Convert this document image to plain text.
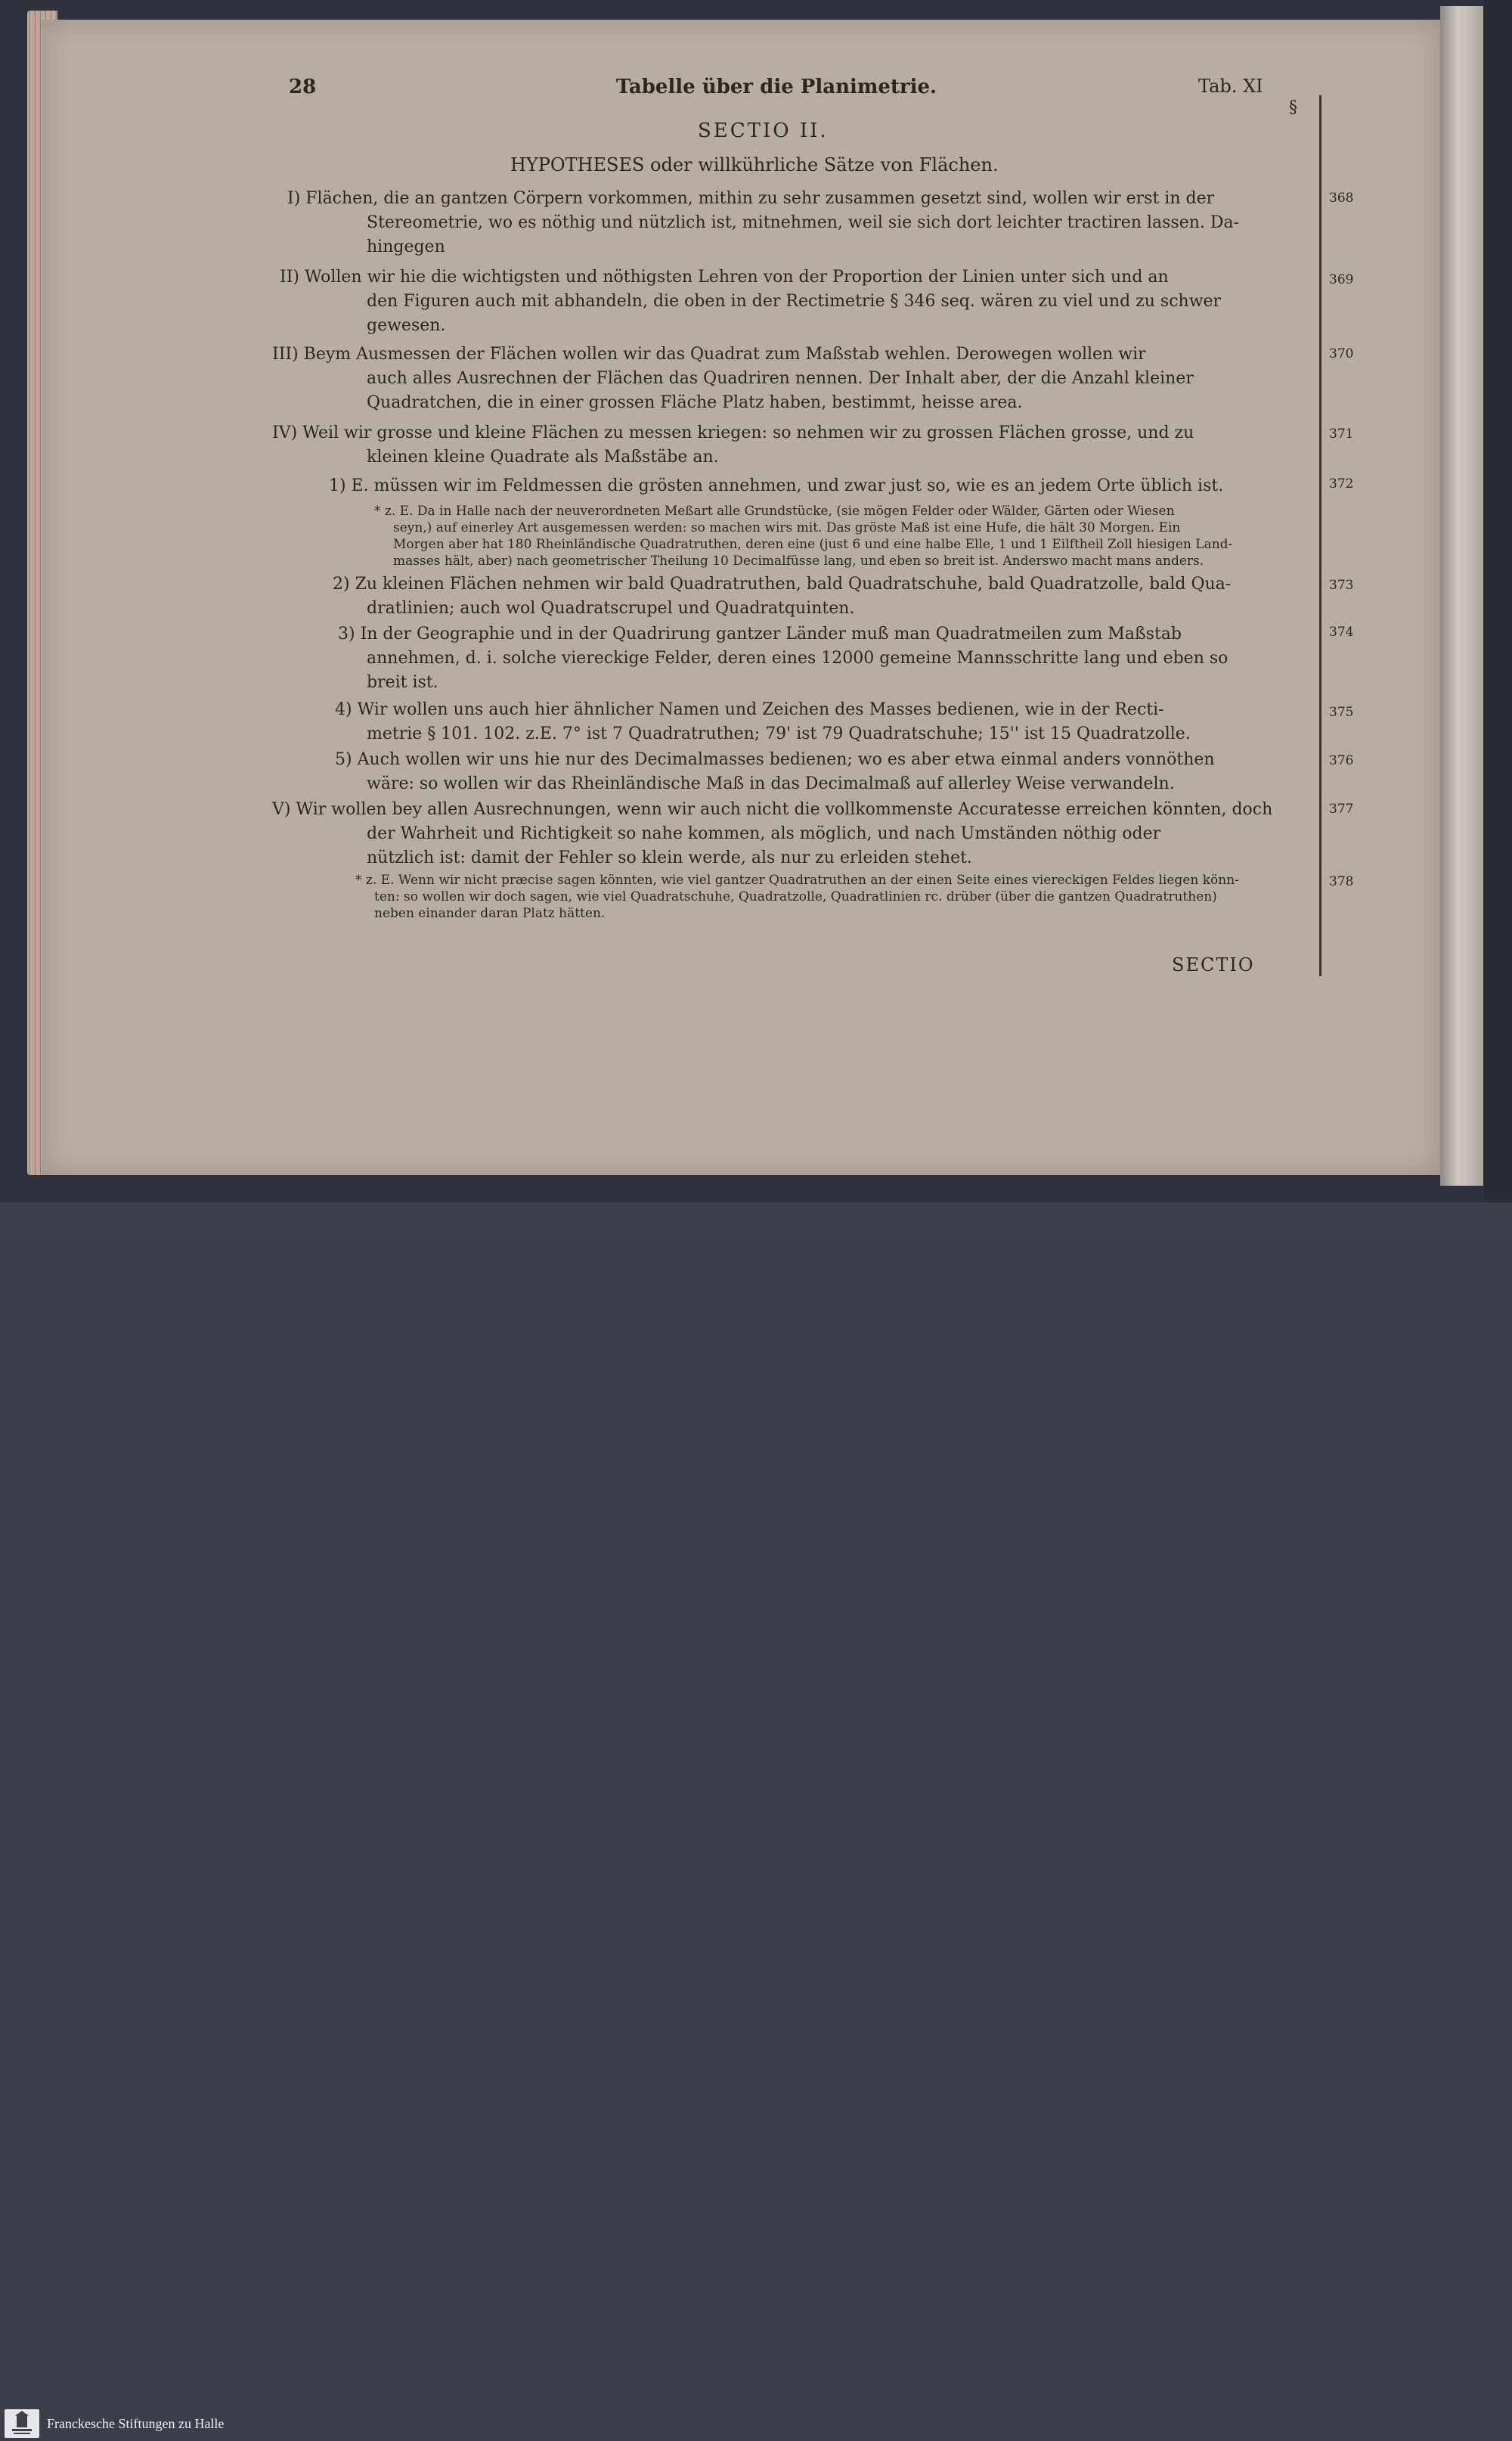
28	Tabelle über die Planimetrie.	Tab. XI
§
SECTIO II.
HYPOTHESES oder willkührliche Sätze von Flächen.
I) Flächen, die an gantzen Cörpern vorkommen, mithin zu sehr zusammen gesetzt sind, wollen wir erst in der
Stereometrie, wo es nöthig und nützlich ist, mitnehmen, weil sie sich dort leichter tractiren lassen. Da-
hingegen
II) Wollen wir hie die wichtigsten und nöthigsten Lehren von der Proportion der Linien unter sich und an
den Figuren auch mit abhandeln, die oben in der Rectimetrie § 346 seq. wären zu viel und zu schwer
gewesen.
III) Beym Ausmessen der Flächen wollen wir das Quadrat zum Maßstab wehlen. Derowegen wollen wir
auch alles Ausrechnen der Flächen das Quadriren nennen. Der Inhalt aber, der die Anzahl kleiner
Quadratchen, die in einer grossen Fläche Platz haben, bestimmt, heisse area.
IV) Weil wir grosse und kleine Flächen zu messen kriegen: so nehmen wir zu grossen Flächen grosse, und zu
kleinen kleine Quadrate als Maßstäbe an.
1) E. müssen wir im Feldmessen die grösten annehmen, und zwar just so, wie es an jedem Orte üblich ist.
* z. E. Da in Halle nach der neuverordneten Meßart alle Grundstücke, (sie mögen Felder oder Wälder, Gärten oder Wiesen
seyn,) auf einerley Art ausgemessen werden: so machen wirs mit. Das gröste Maß ist eine Hufe, die hält 30 Morgen. Ein
Morgen aber hat 180 Rheinländische Quadratruthen, deren eine (just 6 und eine halbe Elle, 1 und 1 Eilftheil Zoll hiesigen Land-
masses hält, aber) nach geometrischer Theilung 10 Decimalfüsse lang, und eben so breit ist. Anderswo macht mans anders.
2) Zu kleinen Flächen nehmen wir bald Quadratruthen, bald Quadratschuhe, bald Quadratzolle, bald Qua-
dratlinien; auch wol Quadratscrupel und Quadratquinten.
3) In der Geographie und in der Quadrirung gantzer Länder muß man Quadratmeilen zum Maßstab
annehmen, d. i. solche viereckige Felder, deren eines 12000 gemeine Mannsschritte lang und eben so
breit ist.
4) Wir wollen uns auch hier ähnlicher Namen und Zeichen des Masses bedienen, wie in der Recti-
metrie § 101. 102. z.E. 7° ist 7 Quadratruthen; 79' ist 79 Quadratschuhe; 15'' ist 15 Quadratzolle.
5) Auch wollen wir uns hie nur des Decimalmasses bedienen; wo es aber etwa einmal anders vonnöthen
wäre: so wollen wir das Rheinländische Maß in das Decimalmaß auf allerley Weise verwandeln.
V) Wir wollen bey allen Ausrechnungen, wenn wir auch nicht die vollkommenste Accuratesse erreichen könnten, doch
der Wahrheit und Richtigkeit so nahe kommen, als möglich, und nach Umständen nöthig oder
nützlich ist: damit der Fehler so klein werde, als nur zu erleiden stehet.
* z. E. Wenn wir nicht præcise sagen könnten, wie viel gantzer Quadratruthen an der einen Seite eines viereckigen Feldes liegen könn-
ten: so wollen wir doch sagen, wie viel Quadratschuhe, Quadratzolle, Quadratlinien rc. drüber (über die gantzen Quadratruthen)
neben einander daran Platz hätten.
SECTIO
368
369
370
371
372
373
374
375
376
377
378
Franckesche Stiftungen zu Halle
